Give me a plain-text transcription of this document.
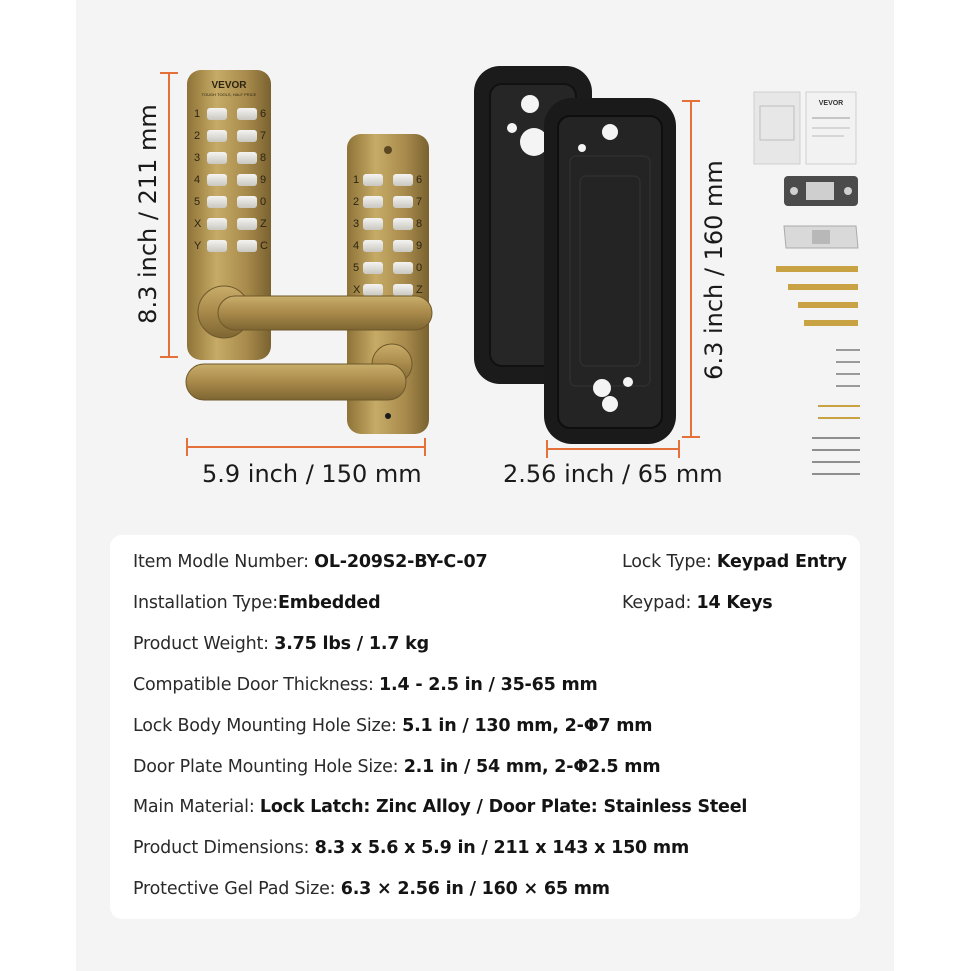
8.3 inch / 211 mm
5.9 inch / 150 mm
6.3 inch / 160 mm
2.56 inch / 65 mm
VEVOR
TOUGH TOOLS, HALF PRICE
1	6
2	7
3	8
4	9
5	0
X	Z
Y	C
1	6
2	7
3	8
4	9
5	0
X	Z
VEVOR
Item Modle Number: OL-209S2-BY-C-07	Lock Type: Keypad Entry
Installation Type:Embedded	Keypad: 14 Keys
Product Weight: 3.75 lbs / 1.7 kg
Compatible Door Thickness: 1.4 - 2.5 in / 35-65 mm
Lock Body Mounting Hole Size: 5.1 in / 130 mm, 2-Φ7 mm
Door Plate Mounting Hole Size: 2.1 in / 54 mm, 2-Φ2.5 mm
Main Material: Lock Latch: Zinc Alloy / Door Plate: Stainless Steel
Product Dimensions: 8.3 x 5.6 x 5.9 in / 211 x 143 x 150 mm
Protective Gel Pad Size: 6.3 × 2.56 in / 160 × 65 mm
